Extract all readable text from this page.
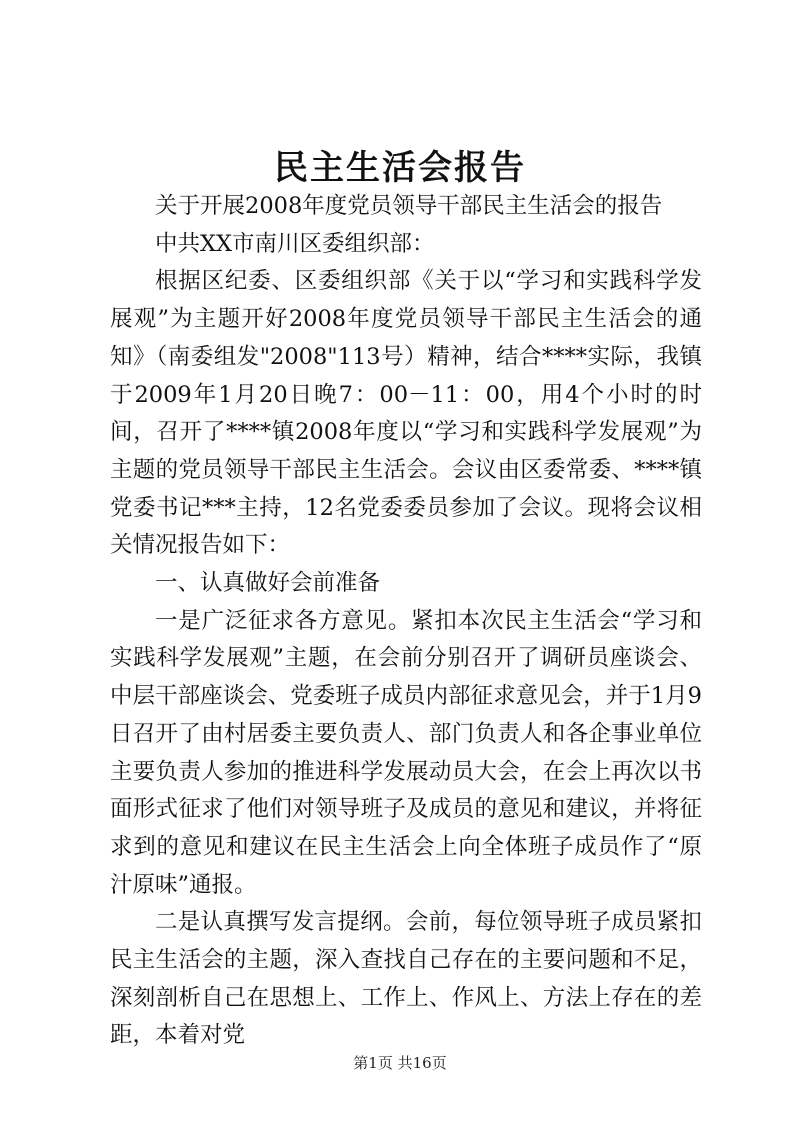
民主生活会报告

关于开展2008年度党员领导干部民主生活会的报告

中共XX市南川区委组织部：

根据区纪委、区委组织部《关于以“学习和实践科学发展观”为主题开好2008年度党员领导干部民主生活会的通知》（南委组发"2008"113号）精神，结合****实际，我镇于2009年1月20日晚7：00－11：00，用4个小时的时间，召开了****镇2008年度以“学习和实践科学发展观”为主题的党员领导干部民主生活会。会议由区委常委、****镇党委书记***主持，12名党委委员参加了会议。现将会议相关情况报告如下：

一、认真做好会前准备

一是广泛征求各方意见。紧扣本次民主生活会“学习和实践科学发展观”主题，在会前分别召开了调研员座谈会、中层干部座谈会、党委班子成员内部征求意见会，并于1月9日召开了由村居委主要负责人、部门负责人和各企事业单位主要负责人参加的推进科学发展动员大会，在会上再次以书面形式征求了他们对领导班子及成员的意见和建议，并将征求到的意见和建议在民主生活会上向全体班子成员作了“原汁原味”通报。

二是认真撰写发言提纲。会前，每位领导班子成员紧扣民主生活会的主题，深入查找自己存在的主要问题和不足，深刻剖析自己在思想上、工作上、作风上、方法上存在的差距，本着对党

第1页 共16页
